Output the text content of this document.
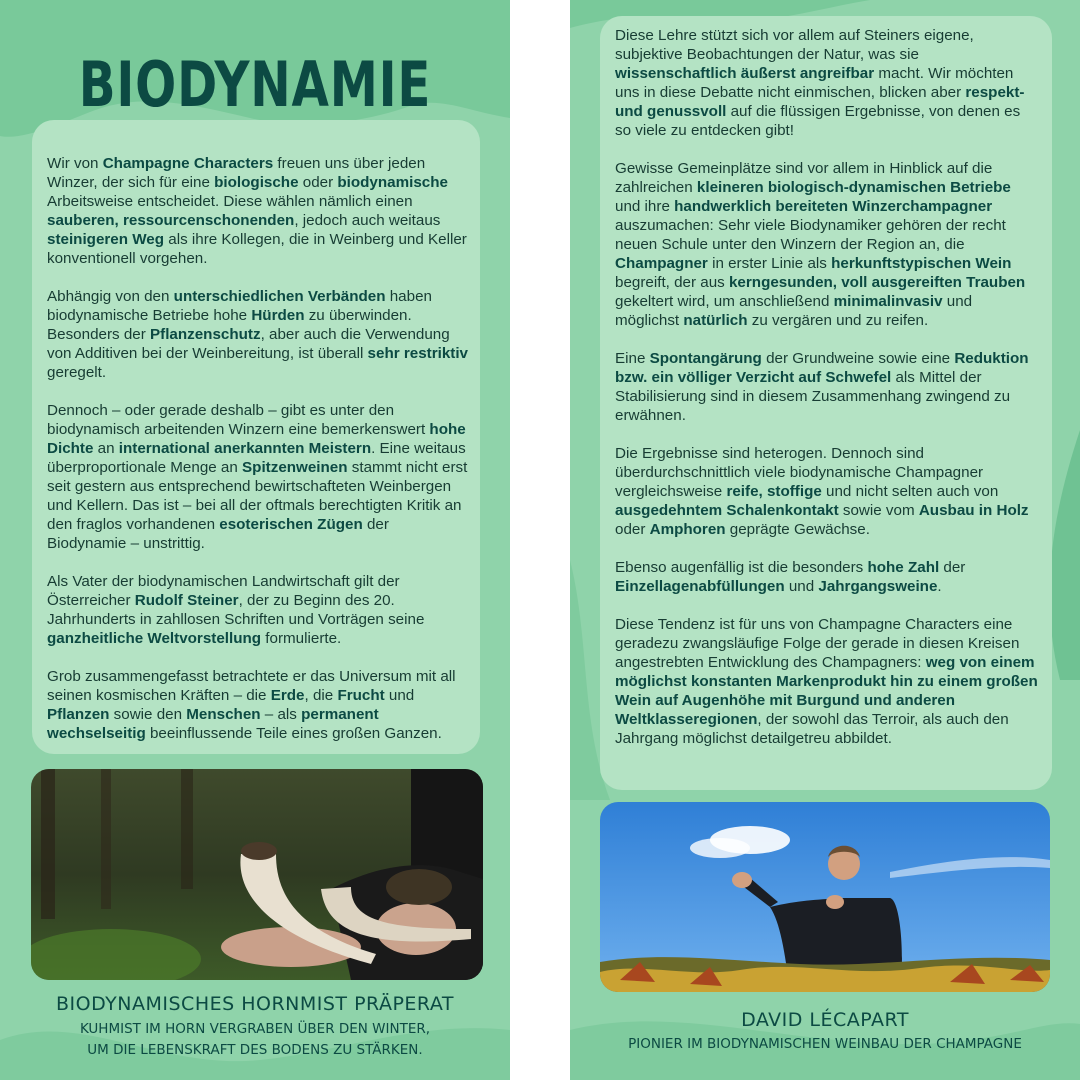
BIODYNAMIE

Wir von Champagne Characters freuen uns über jeden Winzer, der sich für eine biologische oder biodynamische Arbeitsweise entscheidet. Diese wählen nämlich einen sauberen, ressourcenschonenden, jedoch auch weitaus steinigeren Weg als ihre Kollegen, die in Weinberg und Keller konventionell vorgehen.

Abhängig von den unterschiedlichen Verbänden haben biodynamische Betriebe hohe Hürden zu überwinden. Besonders der Pflanzenschutz, aber auch die Verwendung von Additiven bei der Weinbereitung, ist überall sehr restriktiv geregelt.

Dennoch – oder gerade deshalb – gibt es unter den biodynamisch arbeitenden Winzern eine bemerkenswert hohe Dichte an international anerkannten Meistern. Eine weitaus überproportionale Menge an Spitzenweinen stammt nicht erst seit gestern aus entsprechend bewirtschafteten Weinbergen und Kellern. Das ist – bei all der oftmals berechtigten Kritik an den fraglos vorhandenen esoterischen Zügen der Biodynamie – unstrittig.

Als Vater der biodynamischen Landwirtschaft gilt der Österreicher Rudolf Steiner, der zu Beginn des 20. Jahrhunderts in zahllosen Schriften und Vorträgen seine ganzheitliche Weltvorstellung formulierte.

Grob zusammengefasst betrachtete er das Universum mit all seinen kosmischen Kräften – die Erde, die Frucht und Pflanzen sowie den Menschen – als permanent wechselseitig beeinflussende Teile eines großen Ganzen.

BIODYNAMISCHES HORNMIST PRÄPERAT
KUHMIST IM HORN VERGRABEN ÜBER DEN WINTER,
UM DIE LEBENSKRAFT DES BODENS ZU STÄRKEN.

Diese Lehre stützt sich vor allem auf Steiners eigene, subjektive Beobachtungen der Natur, was sie wissenschaftlich äußerst angreifbar macht. Wir möchten uns in diese Debatte nicht einmischen, blicken aber respekt- und genussvoll auf die flüssigen Ergebnisse, von denen es so viele zu entdecken gibt!

Gewisse Gemeinplätze sind vor allem in Hinblick auf die zahlreichen kleineren biologisch-dynamischen Betriebe und ihre handwerklich bereiteten Winzerchampagner auszumachen: Sehr viele Biodynamiker gehören der recht neuen Schule unter den Winzern der Region an, die Champagner in erster Linie als herkunftstypischen Wein begreift, der aus kerngesunden, voll ausgereiften Trauben gekeltert wird, um anschließend minimalinvasiv und möglichst natürlich zu vergären und zu reifen.

Eine Spontangärung der Grundweine sowie eine Reduktion bzw. ein völliger Verzicht auf Schwefel als Mittel der Stabilisierung sind in diesem Zusammenhang zwingend zu erwähnen.

Die Ergebnisse sind heterogen. Dennoch sind überdurchschnittlich viele biodynamische Champagner vergleichsweise reife, stoffige und nicht selten auch von ausgedehntem Schalenkontakt sowie vom Ausbau in Holz oder Amphoren geprägte Gewächse.

Ebenso augenfällig ist die besonders hohe Zahl der Einzellagenabfüllungen und Jahrgangsweine.

Diese Tendenz ist für uns von Champagne Characters eine geradezu zwangsläufige Folge der gerade in diesen Kreisen angestrebten Entwicklung des Champagners: weg von einem möglichst konstanten Markenprodukt hin zu einem großen Wein auf Augenhöhe mit Burgund und anderen Weltklasseregionen, der sowohl das Terroir, als auch den Jahrgang möglichst detailgetreu abbildet.

DAVID LÉCAPART
PIONIER IM BIODYNAMISCHEN WEINBAU DER CHAMPAGNE
